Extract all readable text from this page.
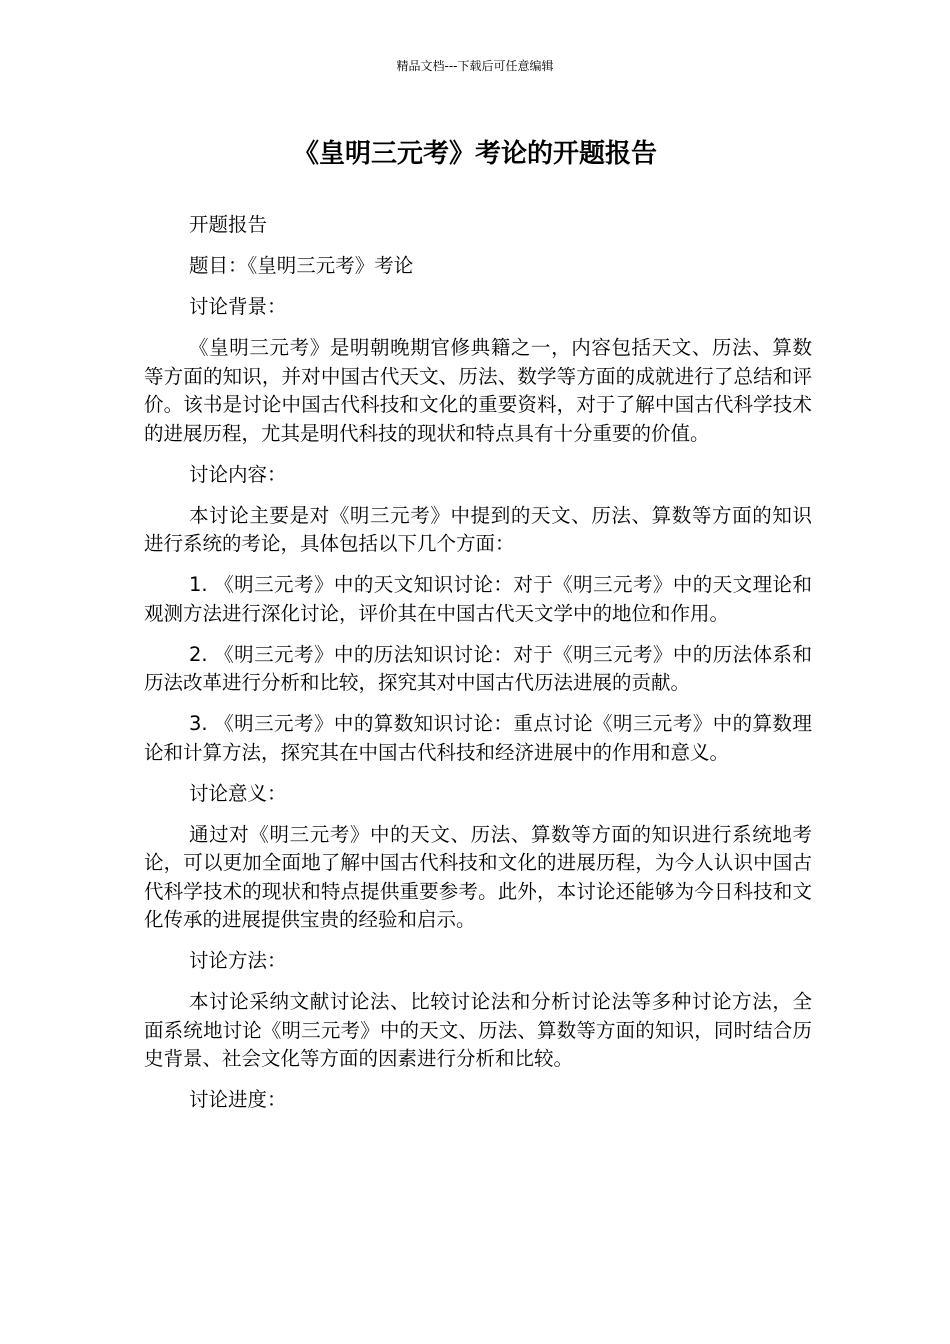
精品文档---下载后可任意编辑
《皇明三元考》考论的开题报告

开题报告

题目：《皇明三元考》考论

讨论背景：

《皇明三元考》是明朝晚期官修典籍之一，内容包括天文、历法、算数等方面的知识，并对中国古代天文、历法、数学等方面的成就进行了总结和评价。该书是讨论中国古代科技和文化的重要资料，对于了解中国古代科学技术的进展历程，尤其是明代科技的现状和特点具有十分重要的价值。

讨论内容：

本讨论主要是对《明三元考》中提到的天文、历法、算数等方面的知识进行系统的考论，具体包括以下几个方面：

1. 《明三元考》中的天文知识讨论：对于《明三元考》中的天文理论和观测方法进行深化讨论，评价其在中国古代天文学中的地位和作用。

2. 《明三元考》中的历法知识讨论：对于《明三元考》中的历法体系和历法改革进行分析和比较，探究其对中国古代历法进展的贡献。

3. 《明三元考》中的算数知识讨论：重点讨论《明三元考》中的算数理论和计算方法，探究其在中国古代科技和经济进展中的作用和意义。

讨论意义：

通过对《明三元考》中的天文、历法、算数等方面的知识进行系统地考论，可以更加全面地了解中国古代科技和文化的进展历程，为今人认识中国古代科学技术的现状和特点提供重要参考。此外，本讨论还能够为今日科技和文化传承的进展提供宝贵的经验和启示。

讨论方法：

本讨论采纳文献讨论法、比较讨论法和分析讨论法等多种讨论方法，全面系统地讨论《明三元考》中的天文、历法、算数等方面的知识，同时结合历史背景、社会文化等方面的因素进行分析和比较。

讨论进度：
